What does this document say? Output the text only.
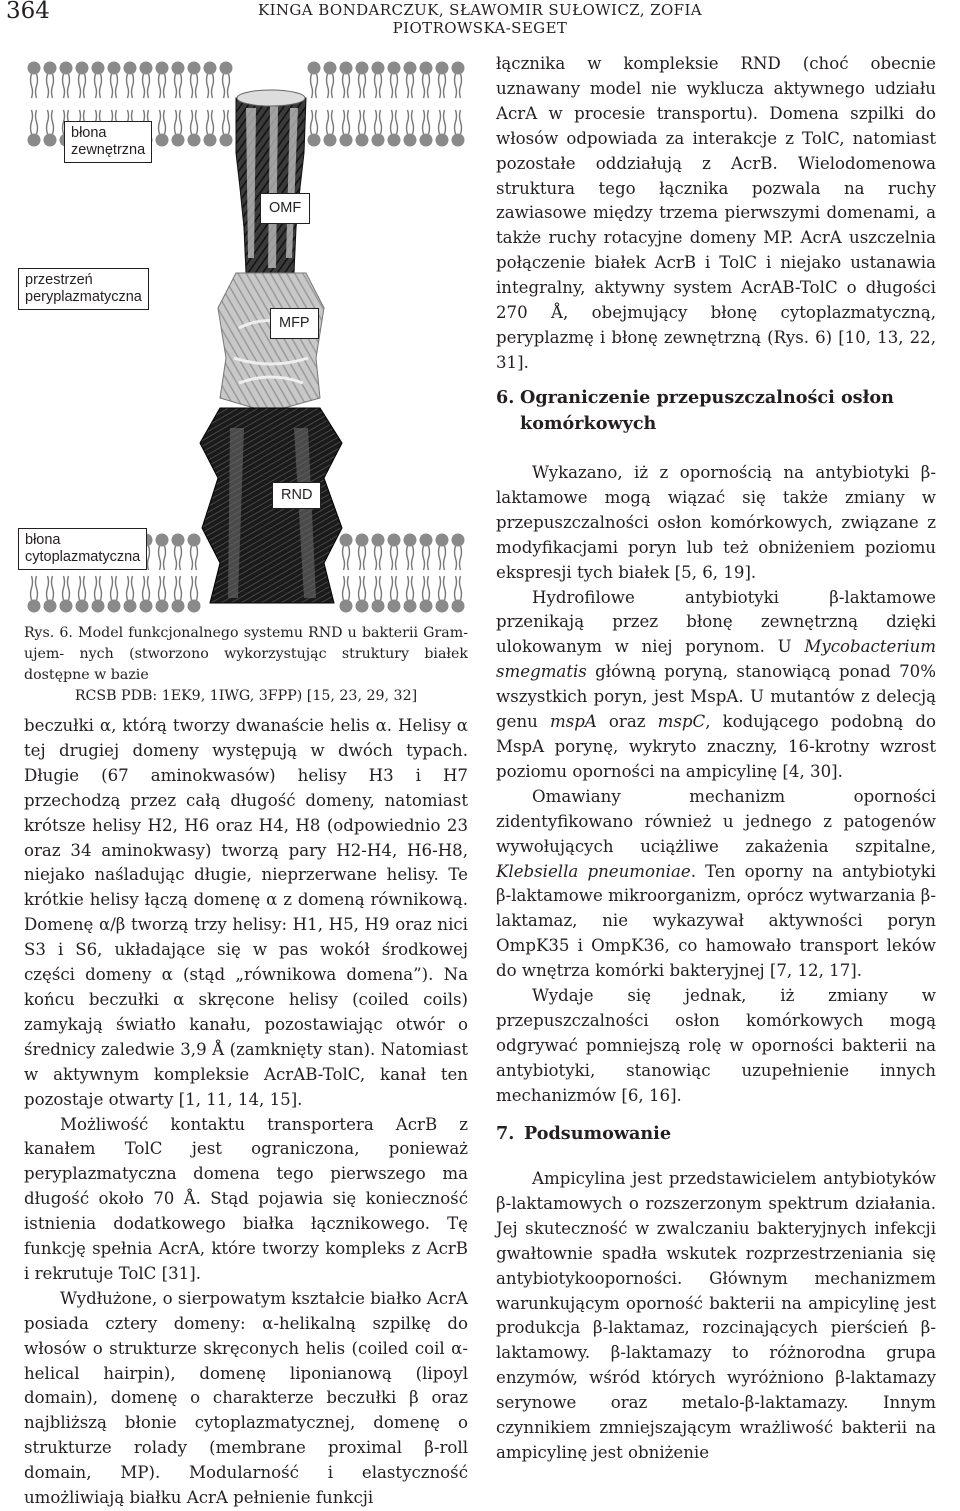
364	KINGA BONDARCZUK, SŁAWOMIR SUŁOWICZ, ZOFIA PIOTROWSKA-SEGET
błona
zewnętrzna
przestrzeń
peryplazmatyczna
OMF
MFP
RND
błona
cytoplazmatyczna
Rys. 6. Model funkcjonalnego systemu RND u bakterii Gram-ujem- nych (stworzono wykorzystując struktury białek dostępne w bazie
RCSB PDB: 1EK9, 1IWG, 3FPP) [15, 23, 29, 32]

beczułki α, którą tworzy dwanaście helis α. Helisy α tej drugiej domeny występują w dwóch typach. Długie (67 aminokwasów) helisy H3 i H7 przechodzą przez całą długość domeny, natomiast krótsze helisy H2, H6 oraz H4, H8 (odpowiednio 23 oraz 34 aminokwasy) tworzą pary H2-H4, H6-H8, niejako naśladując długie, nieprzerwane helisy. Te krótkie helisy łączą domenę α z domeną równikową. Domenę α/β tworzą trzy helisy: H1, H5, H9 oraz nici S3 i S6, układające się w pas wokół środkowej części domeny α (stąd „równikowa domena”). Na końcu beczułki α skręcone helisy (coiled coils) zamykają światło kanału, pozostawiając otwór o średnicy zaledwie 3,9 Å (zamknięty stan). Natomiast w aktywnym kompleksie AcrAB-TolC, kanał ten pozostaje otwarty [1, 11, 14, 15].

Możliwość kontaktu transportera AcrB z kanałem TolC jest ograniczona, ponieważ peryplazmatyczna domena tego pierwszego ma długość około 70 Å. Stąd pojawia się konieczność istnienia dodatkowego białka łącznikowego. Tę funkcję spełnia AcrA, które tworzy kompleks z AcrB i rekrutuje TolC [31].

Wydłużone, o sierpowatym kształcie białko AcrA posiada cztery domeny: α-helikalną szpilkę do włosów o strukturze skręconych helis (coiled coil α-helical hairpin), domenę liponianową (lipoyl domain), domenę o charakterze beczułki β oraz najbliższą błonie cytoplazmatycznej, domenę o strukturze rolady (membrane proximal β-roll domain, MP). Modularność i elastyczność umożliwiają białku AcrA pełnienie funkcji

łącznika w kompleksie RND (choć obecnie uznawany model nie wyklucza aktywnego udziału AcrA w procesie transportu). Domena szpilki do włosów odpowiada za interakcje z TolC, natomiast pozostałe oddziałują z AcrB. Wielodomenowa struktura tego łącznika pozwala na ruchy zawiasowe między trzema pierwszymi domenami, a także ruchy rotacyjne domeny MP. AcrA uszczelnia połączenie białek AcrB i TolC i niejako ustanawia integralny, aktywny system AcrAB-TolC o długości 270 Å, obejmujący błonę cytoplazmatyczną, peryplazmę i błonę zewnętrzną (Rys. 6) [10, 13, 22, 31].

6. Ograniczenie przepuszczalności osłon
komórkowych

Wykazano, iż z opornością na antybiotyki β-laktamowe mogą wiązać się także zmiany w przepuszczalności osłon komórkowych, związane z modyfikacjami poryn lub też obniżeniem poziomu ekspresji tych białek [5, 6, 19].

Hydrofilowe antybiotyki β-laktamowe przenikają przez błonę zewnętrzną dzięki ulokowanym w niej porynom. U Mycobacterium smegmatis główną poryną, stanowiącą ponad 70% wszystkich poryn, jest MspA. U mutantów z delecją genu mspA oraz mspC, kodującego podobną do MspA porynę, wykryto znaczny, 16-krotny wzrost poziomu oporności na ampicylinę [4, 30].

Omawiany mechanizm oporności zidentyfikowano również u jednego z patogenów wywołujących uciążliwe zakażenia szpitalne, Klebsiella pneumoniae. Ten oporny na antybiotyki β-laktamowe mikroorganizm, oprócz wytwarzania β-laktamaz, nie wykazywał aktywności poryn OmpK35 i OmpK36, co hamowało transport leków do wnętrza komórki bakteryjnej [7, 12, 17].

Wydaje się jednak, iż zmiany w przepuszczalności osłon komórkowych mogą odgrywać pomniejszą rolę w oporności bakterii na antybiotyki, stanowiąc uzupełnienie innych mechanizmów [6, 16].

7. Podsumowanie

Ampicylina jest przedstawicielem antybiotyków β-laktamowych o rozszerzonym spektrum działania. Jej skuteczność w zwalczaniu bakteryjnych infekcji gwałtownie spadła wskutek rozprzestrzeniania się antybiotykooporności. Głównym mechanizmem warunkującym oporność bakterii na ampicylinę jest produkcja β-laktamaz, rozcinających pierścień β-laktamowy. β-laktamazy to różnorodna grupa enzymów, wśród których wyróżniono β-laktamazy serynowe oraz metalo-β-laktamazy. Innym czynnikiem zmniejszającym wrażliwość bakterii na ampicylinę jest obniżenie
